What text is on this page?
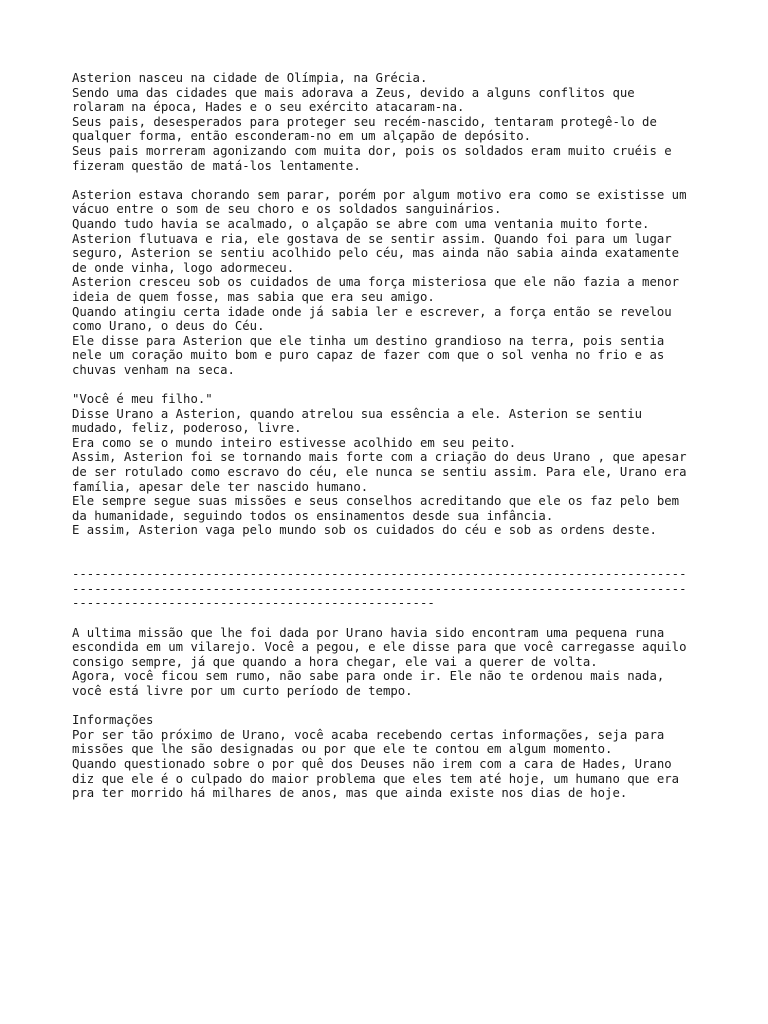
Asterion nasceu na cidade de Olímpia, na Grécia.
Sendo uma das cidades que mais adorava a Zeus, devido a alguns conflitos que
rolaram na época, Hades e o seu exército atacaram-na.
Seus pais, desesperados para proteger seu recém-nascido, tentaram protegê-lo de
qualquer forma, então esconderam-no em um alçapão de depósito.
Seus pais morreram agonizando com muita dor, pois os soldados eram muito cruéis e
fizeram questão de matá-los lentamente.
Asterion estava chorando sem parar, porém por algum motivo era como se existisse um
vácuo entre o som de seu choro e os soldados sanguinários.
Quando tudo havia se acalmado, o alçapão se abre com uma ventania muito forte.
Asterion flutuava e ria, ele gostava de se sentir assim. Quando foi para um lugar
seguro, Asterion se sentiu acolhido pelo céu, mas ainda não sabia ainda exatamente
de onde vinha, logo adormeceu.
Asterion cresceu sob os cuidados de uma força misteriosa que ele não fazia a menor
ideia de quem fosse, mas sabia que era seu amigo.
Quando atingiu certa idade onde já sabia ler e escrever, a força então se revelou
como Urano, o deus do Céu.
Ele disse para Asterion que ele tinha um destino grandioso na terra, pois sentia
nele um coração muito bom e puro capaz de fazer com que o sol venha no frio e as
chuvas venham na seca.
"Você é meu filho."
Disse Urano a Asterion, quando atrelou sua essência a ele. Asterion se sentiu
mudado, feliz, poderoso, livre.
Era como se o mundo inteiro estivesse acolhido em seu peito.
Assim, Asterion foi se tornando mais forte com a criação do deus Urano , que apesar
de ser rotulado como escravo do céu, ele nunca se sentiu assim. Para ele, Urano era
família, apesar dele ter nascido humano.
Ele sempre segue suas missões e seus conselhos acreditando que ele os faz pelo bem
da humanidade, seguindo todos os ensinamentos desde sua infância.
E assim, Asterion vaga pelo mundo sob os cuidados do céu e sob as ordens deste.
-----------------------------------------------------------------------------------
-----------------------------------------------------------------------------------
-------------------------------------------------
A ultima missão que lhe foi dada por Urano havia sido encontram uma pequena runa
escondida em um vilarejo. Você a pegou, e ele disse para que você carregasse aquilo
consigo sempre, já que quando a hora chegar, ele vai a querer de volta.
Agora, você ficou sem rumo, não sabe para onde ir. Ele não te ordenou mais nada,
você está livre por um curto período de tempo.
Informações
Por ser tão próximo de Urano, você acaba recebendo certas informações, seja para
missões que lhe são designadas ou por que ele te contou em algum momento.
Quando questionado sobre o por quê dos Deuses não irem com a cara de Hades, Urano
diz que ele é o culpado do maior problema que eles tem até hoje, um humano que era
pra ter morrido há milhares de anos, mas que ainda existe nos dias de hoje.
